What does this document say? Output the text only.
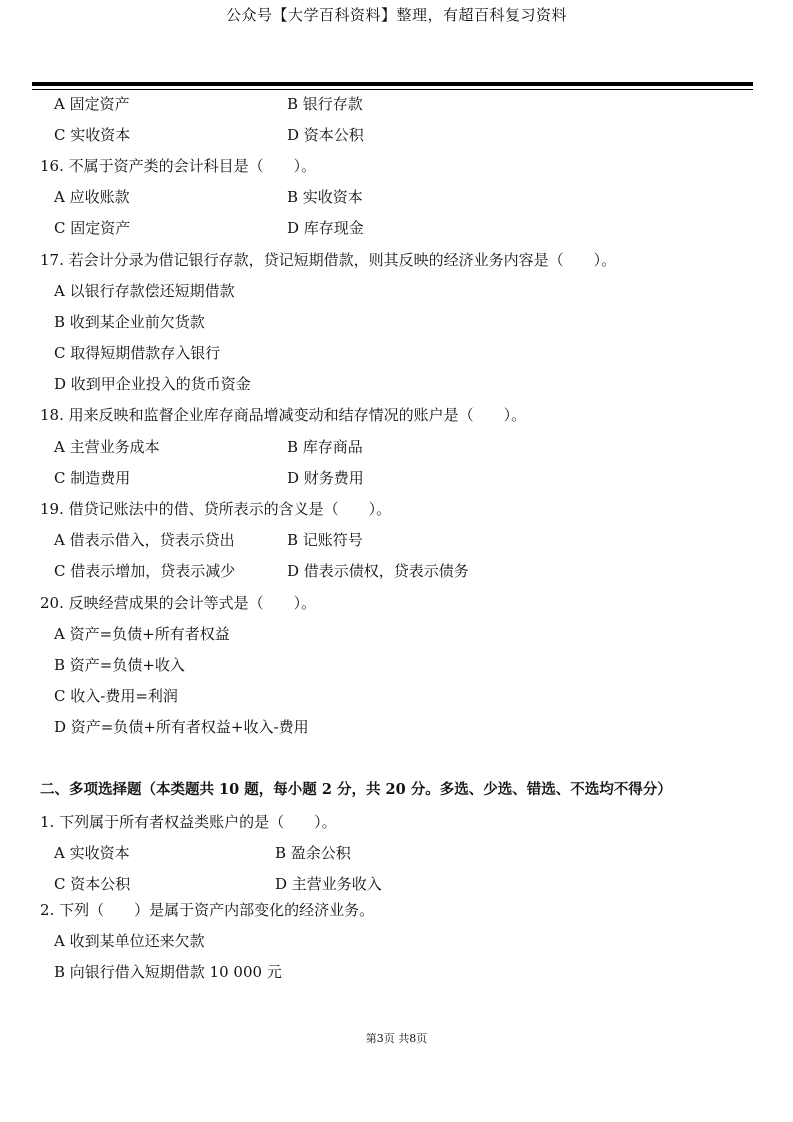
公众号【大学百科资料】整理，有超百科复习资料
A 固定资产	B 银行存款
C 实收资本	D 资本公积
16. 不属于资产类的会计科目是（　　）。
A 应收账款	B 实收资本
C 固定资产	D 库存现金
17. 若会计分录为借记银行存款，贷记短期借款，则其反映的经济业务内容是（　　）。
A 以银行存款偿还短期借款
B 收到某企业前欠货款
C 取得短期借款存入银行
D 收到甲企业投入的货币资金
18. 用来反映和监督企业库存商品增减变动和结存情况的账户是（　　）。
A 主营业务成本	B 库存商品
C 制造费用	D 财务费用
19. 借贷记账法中的借、贷所表示的含义是（　　）。
A 借表示借入，贷表示贷出	B 记账符号
C 借表示增加，贷表示减少	D 借表示债权，贷表示债务
20. 反映经营成果的会计等式是（　　）。
A 资产=负债+所有者权益
B 资产=负债+收入
C 收入-费用=利润
D 资产=负债+所有者权益+收入-费用
二、多项选择题（本类题共 10 题，每小题 2 分，共 20 分。多选、少选、错选、不选均不得分）
1. 下列属于所有者权益类账户的是（　　）。
A 实收资本	B 盈余公积
C 资本公积	D 主营业务收入
2. 下列（　　）是属于资产内部变化的经济业务。
A 收到某单位还来欠款
B 向银行借入短期借款 10 000 元
第3页 共8页
